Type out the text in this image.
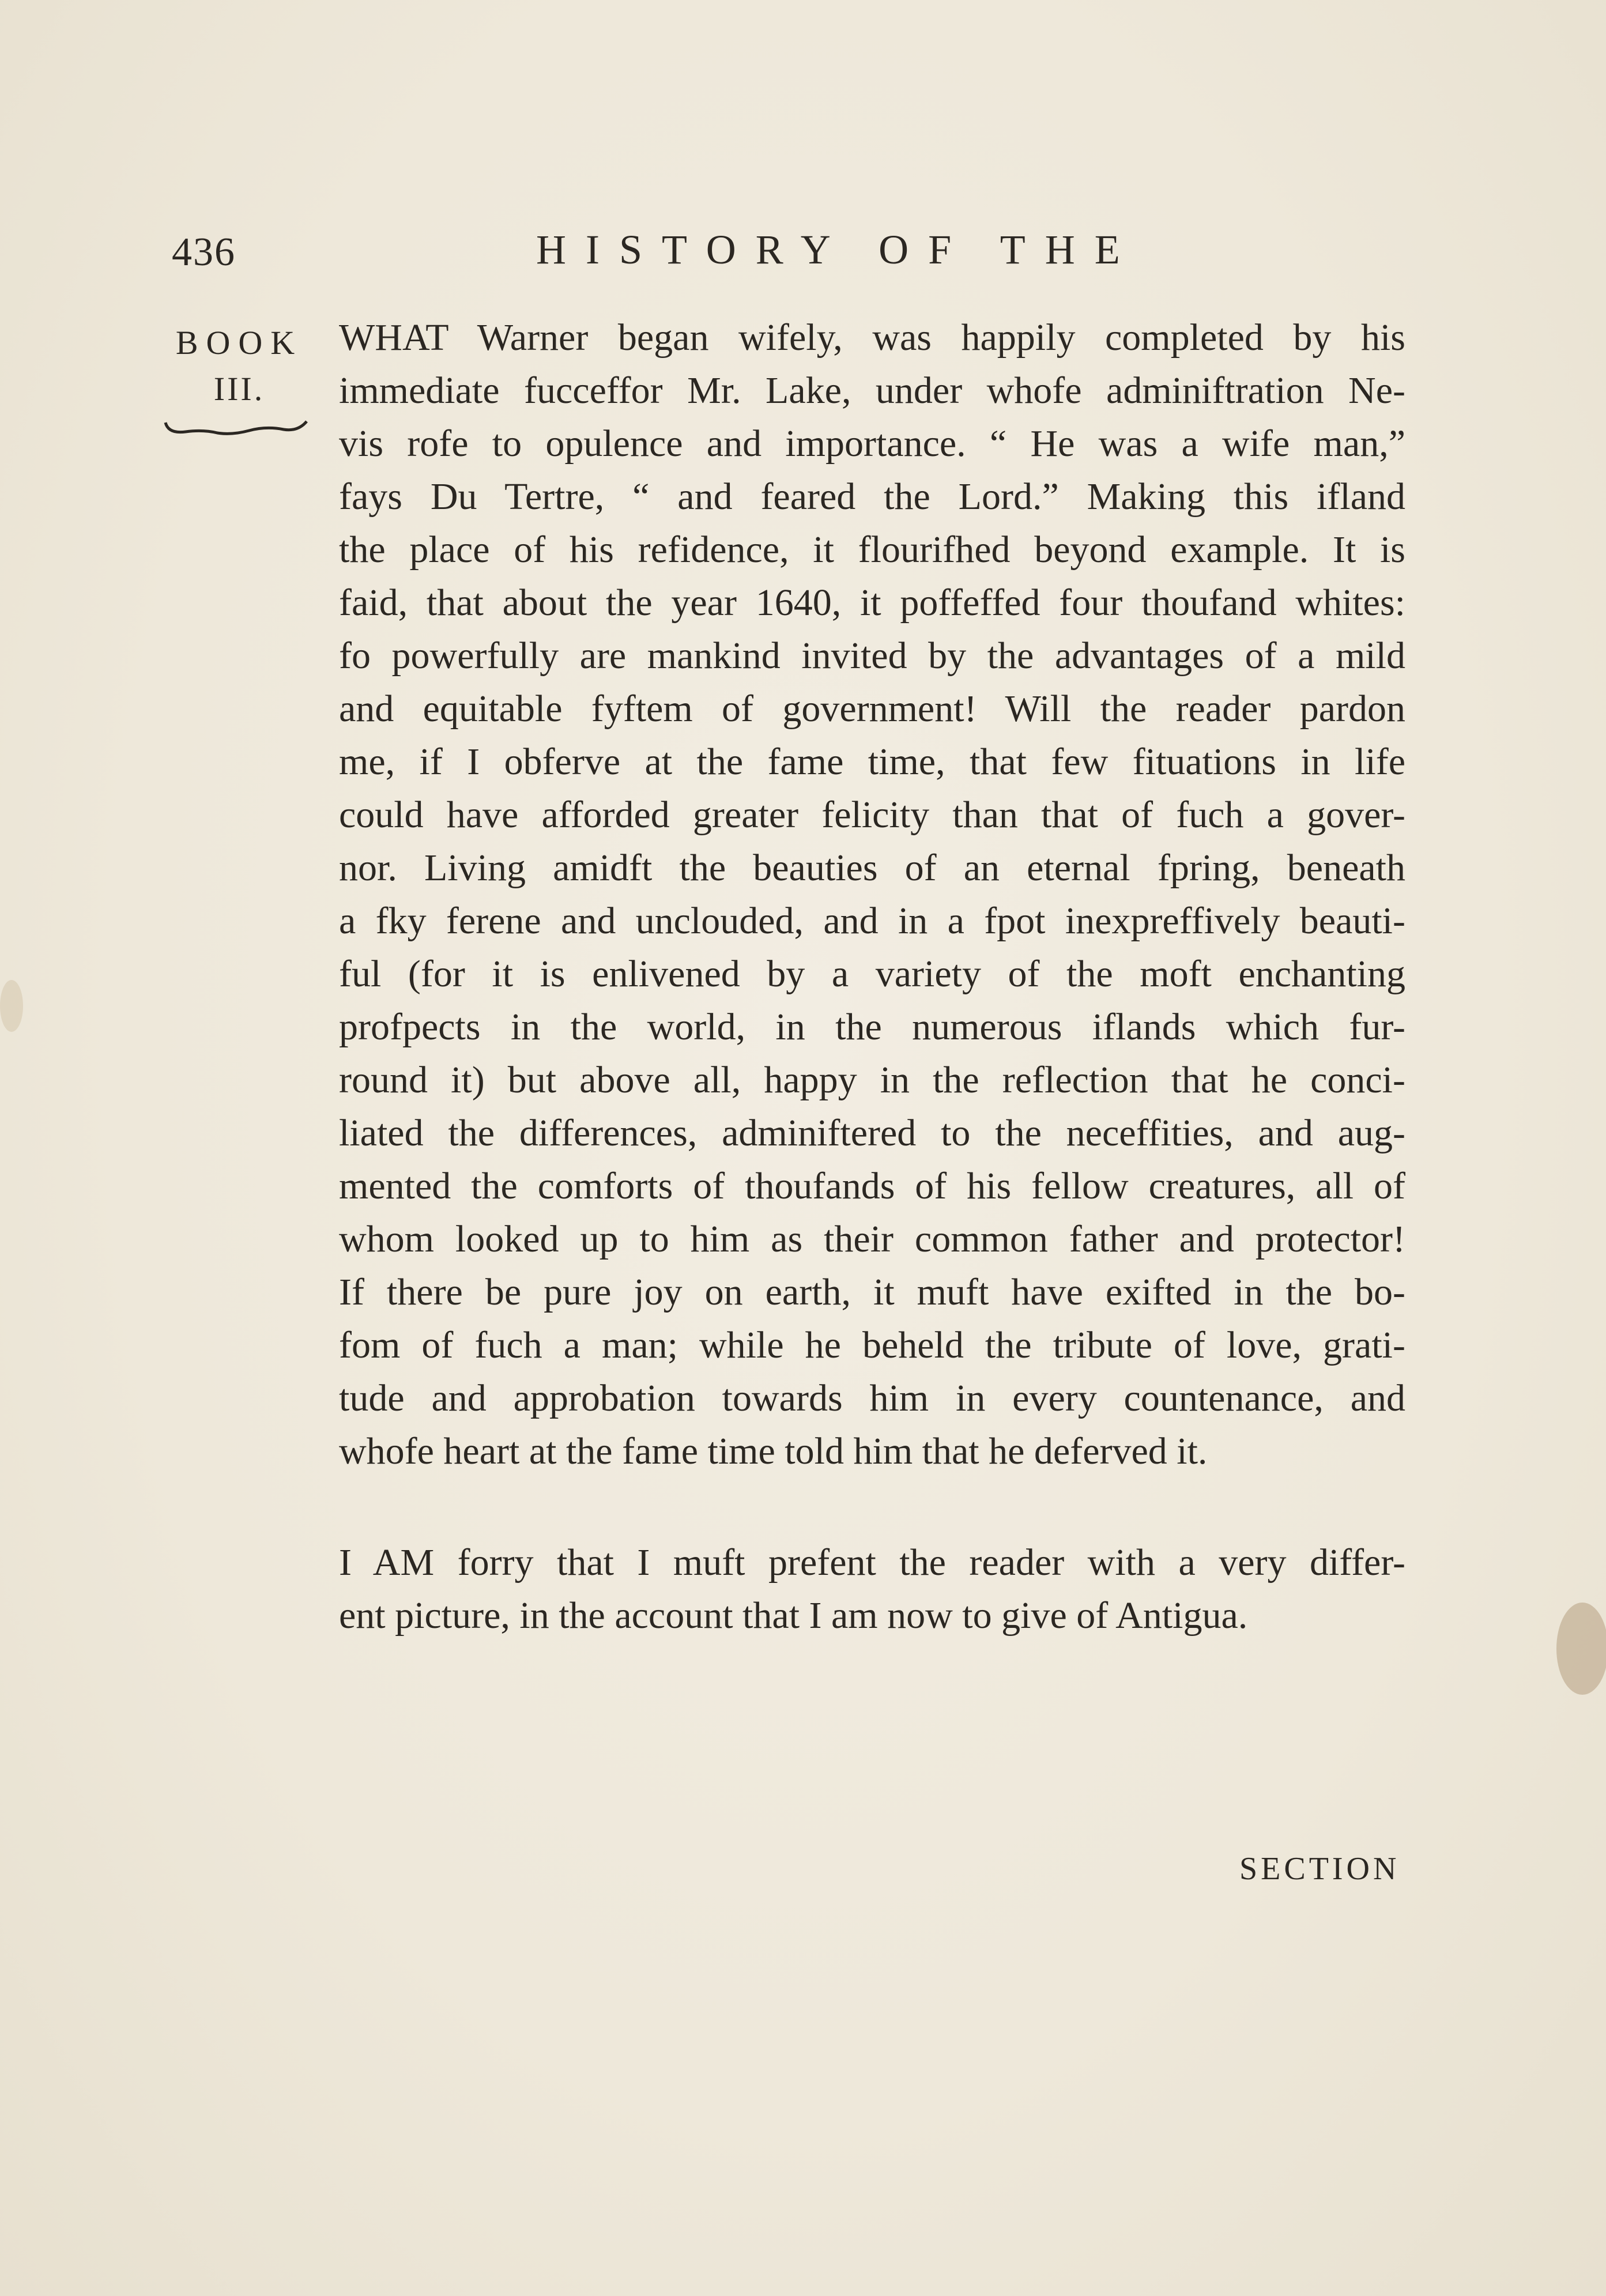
436	HISTORY OF THE
BOOK
III.
WHAT Warner began wifely, was happily completed by his
immediate fucceffor Mr. Lake, under whofe adminiftration Ne-
vis rofe to opulence and importance. “ He was a wife man,”
fays Du Tertre, “ and feared the Lord.” Making this ifland
the place of his refidence, it flourifhed beyond example. It is
faid, that about the year 1640, it poffeffed four thoufand whites:
fo powerfully are mankind invited by the advantages of a mild
and equitable fyftem of government! Will the reader pardon
me, if I obferve at the fame time, that few fituations in life
could have afforded greater felicity than that of fuch a gover-
nor. Living amidft the beauties of an eternal fpring, beneath
a fky ferene and unclouded, and in a fpot inexpreffively beauti-
ful (for it is enlivened by a variety of the moft enchanting
profpects in the world, in the numerous iflands which fur-
round it) but above all, happy in the reflection that he conci-
liated the differences, adminiftered to the neceffities, and aug-
mented the comforts of thoufands of his fellow creatures, all of
whom looked up to him as their common father and protector!
If there be pure joy on earth, it muft have exifted in the bo-
fom of fuch a man; while he beheld the tribute of love, grati-
tude and approbation towards him in every countenance, and
whofe heart at the fame time told him that he deferved it.
I AM forry that I muft prefent the reader with a very differ-
ent picture, in the account that I am now to give of Antigua.
SECTION
